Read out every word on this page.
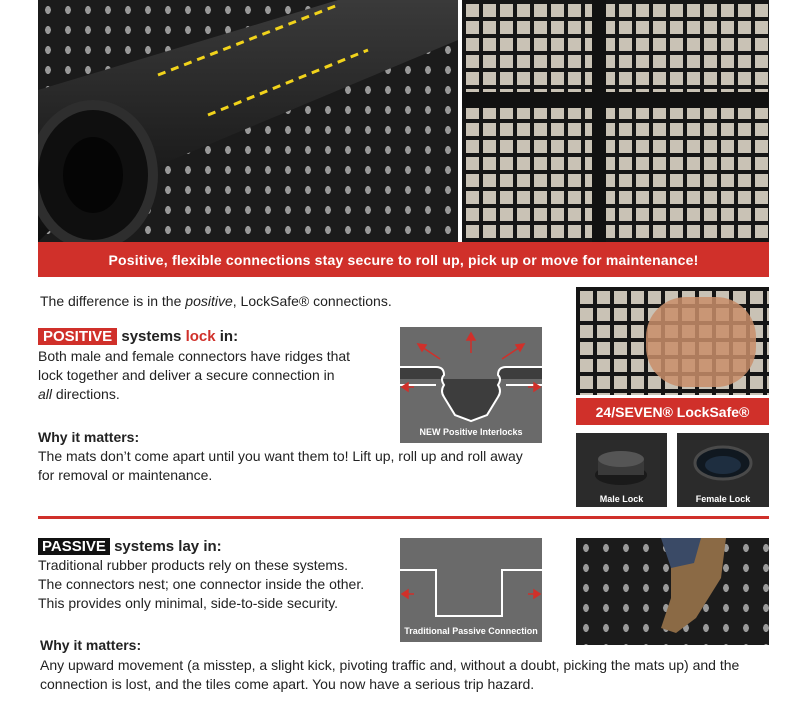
Positive, flexible connections stay secure to roll up, pick up or move for maintenance!
The difference is in the positive, LockSafe® connections.
POSITIVE systems lock in:
Both male and female connectors have ridges that
lock together and deliver a secure connection in
all directions.
NEW Positive Interlocks
Why it matters:
The mats don’t come apart until you want them to! Lift up, roll up and roll away
for removal or maintenance.
24/SEVEN® LockSafe®
Male Lock	Female Lock
PASSIVE systems lay in:
Traditional rubber products rely on these systems.
The connectors nest; one connector inside the other.
This provides only minimal, side-to-side security.
Traditional Passive Connection
Why it matters:
Any upward movement (a misstep, a slight kick, pivoting traffic and, without a doubt, picking the mats up) and the
connection is lost, and the tiles come apart. You now have a serious trip hazard.
